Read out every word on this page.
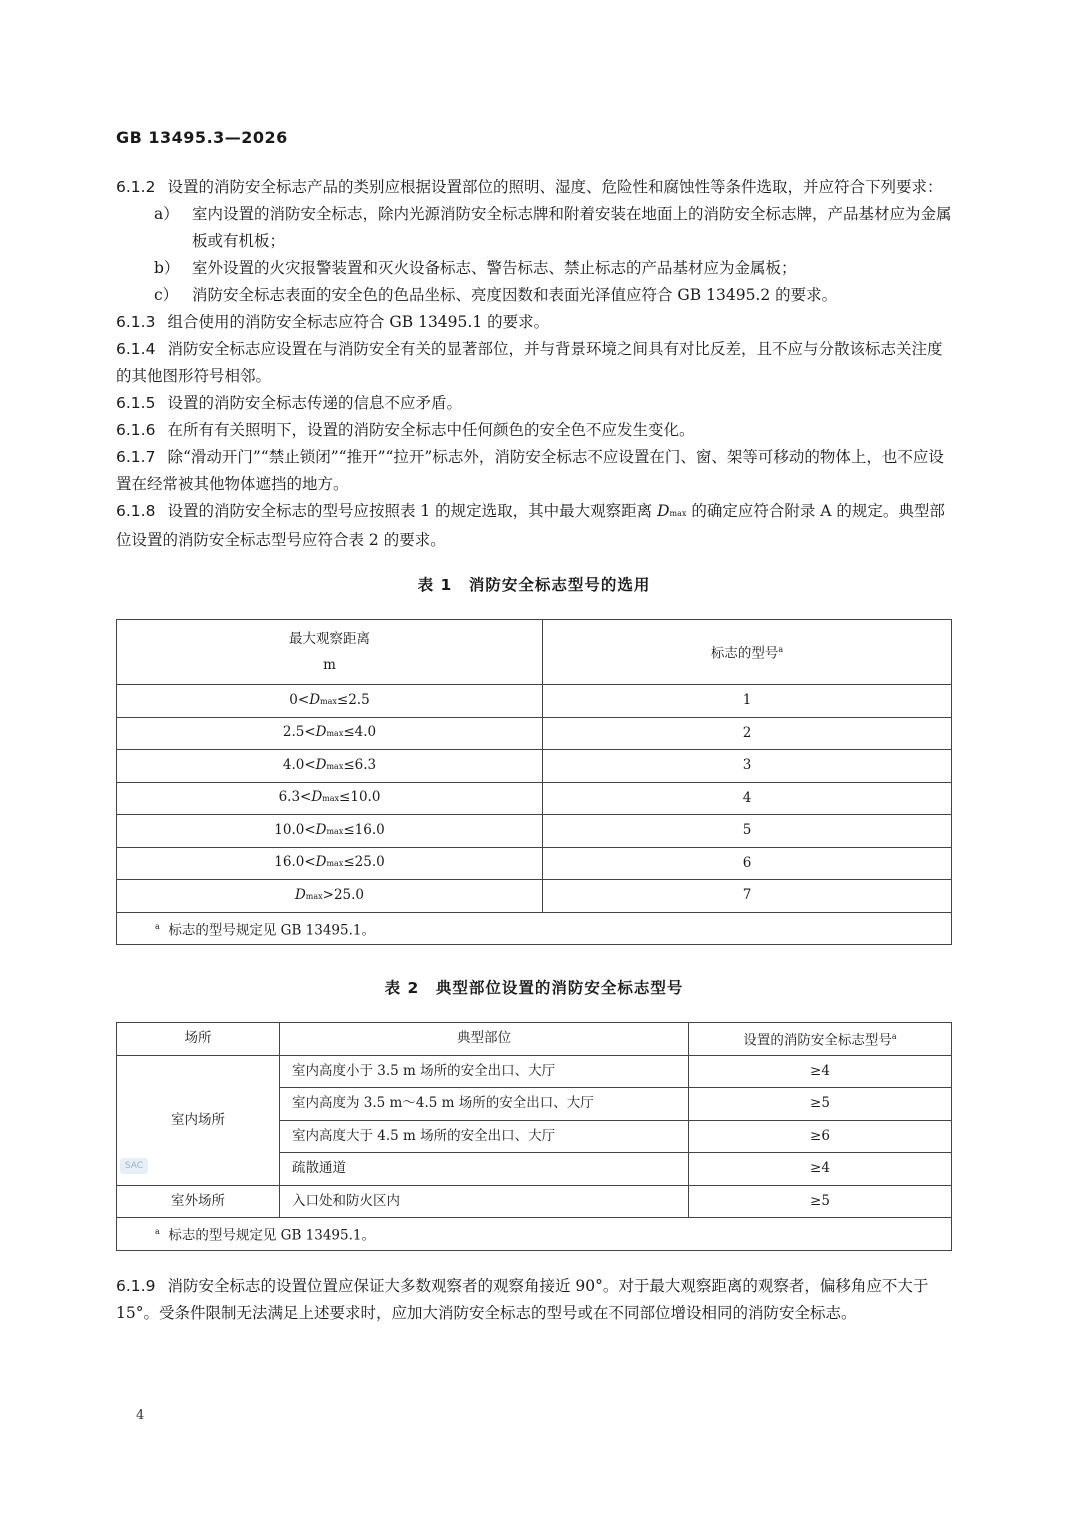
GB 13495.3—2026

6.1.2 设置的消防安全标志产品的类别应根据设置部位的照明、湿度、危险性和腐蚀性等条件选取，并应符合下列要求：

a） 室内设置的消防安全标志，除内光源消防安全标志牌和附着安装在地面上的消防安全标志牌，产品基材应为金属板或有机板；

b） 室外设置的火灾报警装置和灭火设备标志、警告标志、禁止标志的产品基材应为金属板；

c） 消防安全标志表面的安全色的色品坐标、亮度因数和表面光泽值应符合 GB 13495.2 的要求。

6.1.3 组合使用的消防安全标志应符合 GB 13495.1 的要求。

6.1.4 消防安全标志应设置在与消防安全有关的显著部位，并与背景环境之间具有对比反差，且不应与分散该标志关注度的其他图形符号相邻。

6.1.5 设置的消防安全标志传递的信息不应矛盾。

6.1.6 在所有有关照明下，设置的消防安全标志中任何颜色的安全色不应发生变化。

6.1.7 除“滑动开门”“禁止锁闭”“推开”“拉开”标志外，消防安全标志不应设置在门、窗、架等可移动的物体上，也不应设置在经常被其他物体遮挡的地方。

6.1.8 设置的消防安全标志的型号应按照表 1 的规定选取，其中最大观察距离 Dmax 的确定应符合附录 A 的规定。典型部位设置的消防安全标志型号应符合表 2 的要求。

表 1　消防安全标志型号的选用
最大观察距离
m	标志的型号$^a$
0<Dmax≤2.5	1
2.5<Dmax≤4.0	2
4.0<Dmax≤6.3	3
6.3<Dmax≤10.0	4
10.0<Dmax≤16.0	5
16.0<Dmax≤25.0	6
Dmax>25.0	7
$^a$ 标志的型号规定见 GB 13495.1。	
表 2　典型部位设置的消防安全标志型号
场所	典型部位	设置的消防安全标志型号$^a$
室内场所	室内高度小于 3.5 m 场所的安全出口、大厅	≥4
	室内高度为 3.5 m～4.5 m 场所的安全出口、大厅	≥5
	室内高度大于 4.5 m 场所的安全出口、大厅	≥6
	疏散通道	≥4
室外场所	入口处和防火区内	≥5
$^a$ 标志的型号规定见 GB 13495.1。		

6.1.9 消防安全标志的设置位置应保证大多数观察者的观察角接近 90°。对于最大观察距离的观察者，偏移角应不大于 15°。受条件限制无法满足上述要求时，应加大消防安全标志的型号或在不同部位增设相同的消防安全标志。

SAC
4
